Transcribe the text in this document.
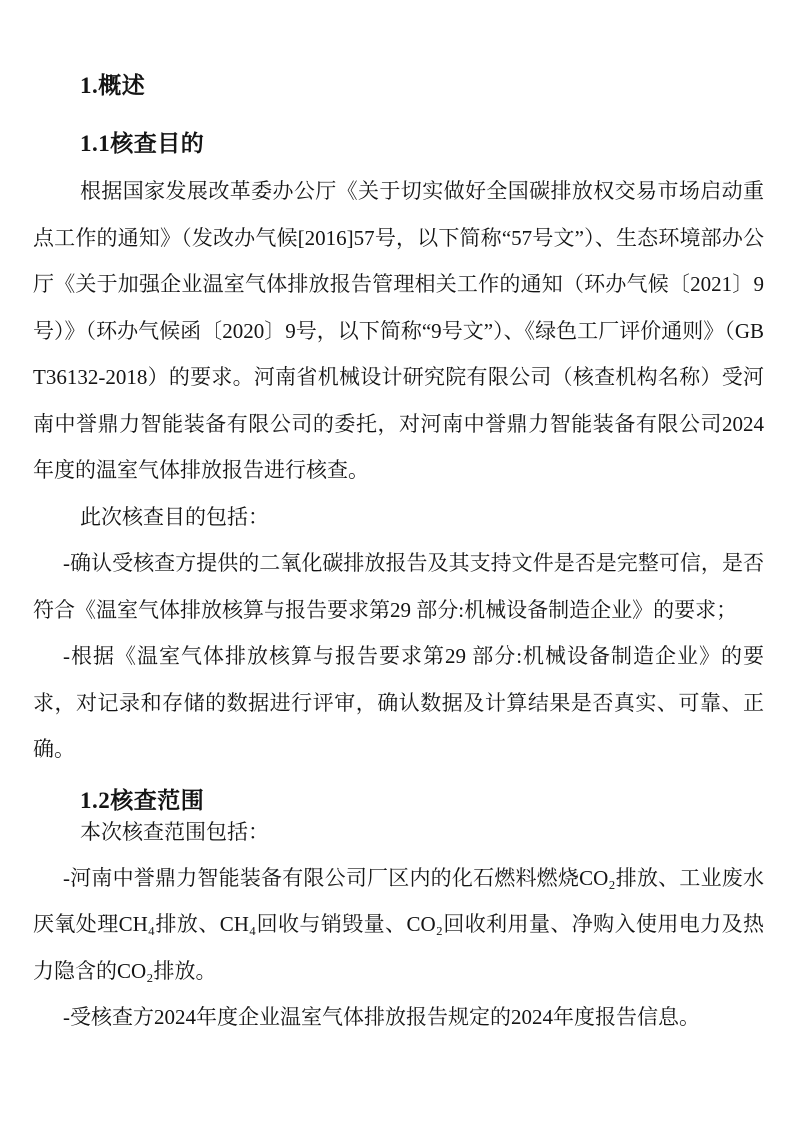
1.概述
1.1核查目的

根据国家发展改革委办公厅《关于切实做好全国碳排放权交易市场启动重点工作的通知》（发改办气候[2016]57号，以下简称“57号文”）、生态环境部办公厅《关于加强企业温室气体排放报告管理相关工作的通知（环办气候〔2021〕9号）》（环办气候函〔2020〕9号，以下简称“9号文”）、《绿色工厂评价通则》（GBT36132-2018）的要求。河南省机械设计研究院有限公司（核查机构名称）受河南中誉鼎力智能装备有限公司的委托，对河南中誉鼎力智能装备有限公司2024年度的温室气体排放报告进行核查。

此次核查目的包括：

-确认受核查方提供的二氧化碳排放报告及其支持文件是否是完整可信，是否符合《温室气体排放核算与报告要求第29 部分:机械设备制造企业》的要求；

-根据《温室气体排放核算与报告要求第29 部分:机械设备制造企业》的要求，对记录和存储的数据进行评审，确认数据及计算结果是否真实、可靠、正确。

1.2核查范围

本次核查范围包括：

-河南中誉鼎力智能装备有限公司厂区内的化石燃料燃烧CO₂排放、工业废水厌氧处理CH₄排放、CH₄回收与销毁量、CO₂回收利用量、净购入使用电力及热力隐含的CO₂排放。

-受核查方2024年度企业温室气体排放报告规定的2024年度报告信息。
